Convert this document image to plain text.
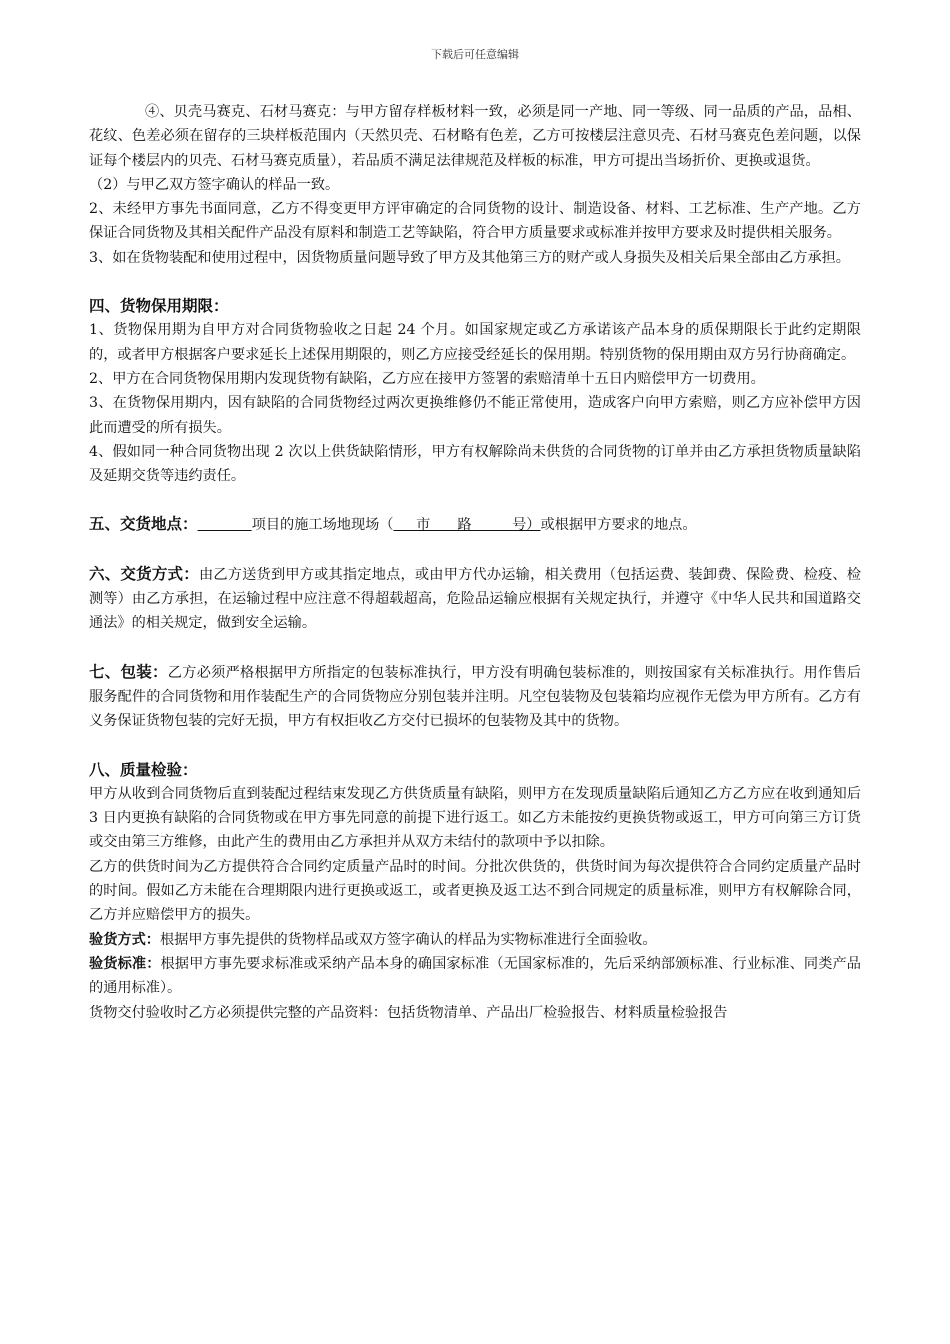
下载后可任意编辑

④、贝壳马赛克、石材马赛克：与甲方留存样板材料一致，必须是同一产地、同一等级、同一品质的产品，品相、花纹、色差必须在留存的三块样板范围内（天然贝壳、石材略有色差，乙方可按楼层注意贝壳、石材马赛克色差问题，以保证每个楼层内的贝壳、石材马赛克质量），若品质不满足法律规范及样板的标准，甲方可提出当场折价、更换或退货。

（2）与甲乙双方签字确认的样品一致。

2、未经甲方事先书面同意，乙方不得变更甲方评审确定的合同货物的设计、制造设备、材料、工艺标准、生产产地。乙方保证合同货物及其相关配件产品没有原料和制造工艺等缺陷，符合甲方质量要求或标准并按甲方要求及时提供相关服务。

3、如在货物装配和使用过程中，因货物质量问题导致了甲方及其他第三方的财产或人身损失及相关后果全部由乙方承担。

四、货物保用期限：

1、货物保用期为自甲方对合同货物验收之日起 24 个月。如国家规定或乙方承诺该产品本身的质保期限长于此约定期限的，或者甲方根据客户要求延长上述保用期限的，则乙方应接受经延长的保用期。特别货物的保用期由双方另行协商确定。

2、甲方在合同货物保用期内发现货物有缺陷，乙方应在接甲方签署的索赔清单十五日内赔偿甲方一切费用。

3、在货物保用期内，因有缺陷的合同货物经过两次更换维修仍不能正常使用，造成客户向甲方索赔，则乙方应补偿甲方因此而遭受的所有损失。

4、假如同一种合同货物出现 2 次以上供货缺陷情形，甲方有权解除尚未供货的合同货物的订单并由乙方承担货物质量缺陷及延期交货等违约责任。

五、交货地点：	项目的施工场地现场（     市      路         号）或根据甲方要求的地点。

六、交货方式：由乙方送货到甲方或其指定地点，或由甲方代办运输，相关费用（包括运费、装卸费、保险费、检疫、检测等）由乙方承担，在运输过程中应注意不得超载超高，危险品运输应根据有关规定执行，并遵守《中华人民共和国道路交通法》的相关规定，做到安全运输。

七、包装：乙方必须严格根据甲方所指定的包装标准执行，甲方没有明确包装标准的，则按国家有关标准执行。用作售后服务配件的合同货物和用作装配生产的合同货物应分别包装并注明。凡空包装物及包装箱均应视作无偿为甲方所有。乙方有义务保证货物包装的完好无损，甲方有权拒收乙方交付已损坏的包装物及其中的货物。

八、质量检验：

甲方从收到合同货物后直到装配过程结束发现乙方供货质量有缺陷，则甲方在发现质量缺陷后通知乙方乙方应在收到通知后 3 日内更换有缺陷的合同货物或在甲方事先同意的前提下进行返工。如乙方未能按约更换货物或返工，甲方可向第三方订货或交由第三方维修，由此产生的费用由乙方承担并从双方未结付的款项中予以扣除。

乙方的供货时间为乙方提供符合合同约定质量产品时的时间。分批次供货的，供货时间为每次提供符合合同约定质量产品时的时间。假如乙方未能在合理期限内进行更换或返工，或者更换及返工达不到合同规定的质量标准，则甲方有权解除合同，乙方并应赔偿甲方的损失。

验货方式：根据甲方事先提供的货物样品或双方签字确认的样品为实物标准进行全面验收。

验货标准：根据甲方事先要求标准或采纳产品本身的确国家标准（无国家标准的，先后采纳部颁标准、行业标准、同类产品的通用标准）。

货物交付验收时乙方必须提供完整的产品资料：包括货物清单、产品出厂检验报告、材料质量检验报告
